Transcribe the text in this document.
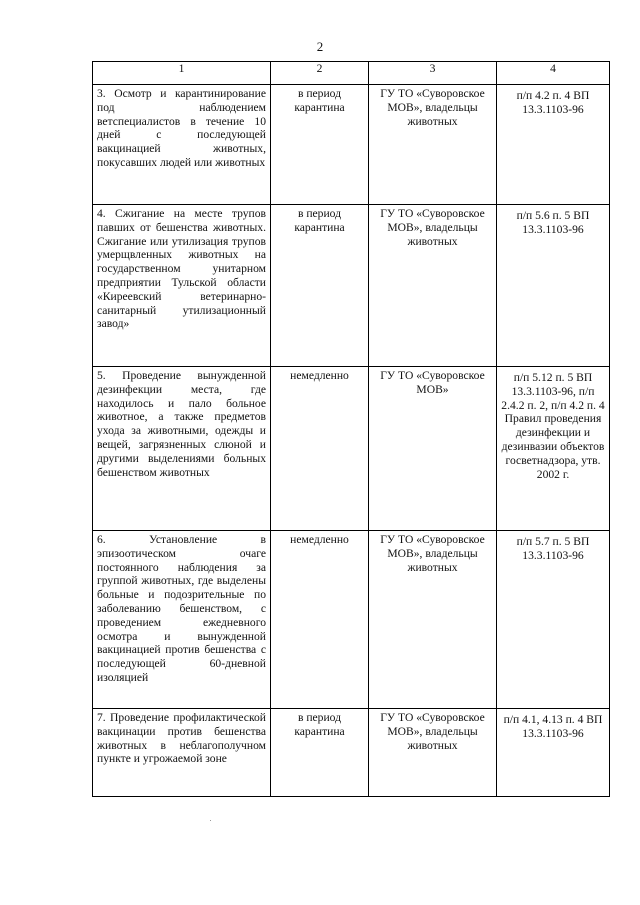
2
1	2	3	4
3. Осмотр и карантинирование под наблюдением ветспециалистов в течение 10 дней с последующей вакцинацией животных, покусавших людей или животных	в период карантина	ГУ ТО «Суворовское МОВ», владельцы животных	п/п 4.2 п. 4 ВП 13.3.1103-96
4. Сжигание на месте трупов павших от бешенства животных. Сжигание или утилизация трупов умерщвленных животных на государственном унитарном предприятии Тульской области «Киреевский ветеринарно-санитарный утилизационный завод»	в период карантина	ГУ ТО «Суворовское МОВ», владельцы животных	п/п 5.6 п. 5 ВП 13.3.1103-96
5. Проведение вынужденной дезинфекции места, где находилось и пало больное животное, а также предметов ухода за животными, одежды и вещей, загрязненных слюной и другими выделениями больных бешенством животных	немедленно	ГУ ТО «Суворовское МОВ»	п/п 5.12 п. 5 ВП 13.3.1103-96, п/п 2.4.2 п. 2, п/п 4.2 п. 4 Правил проведения дезинфекции и дезинвазии объектов госветнадзора, утв. 2002 г.
6. Установление в эпизоотическом очаге постоянного наблюдения за группой животных, где выделены больные и подозрительные по заболеванию бешенством, с проведением ежедневного осмотра и вынужденной вакцинацией против бешенства с последующей 60-дневной изоляцией	немедленно	ГУ ТО «Суворовское МОВ», владельцы животных	п/п 5.7 п. 5 ВП 13.3.1103-96
7. Проведение профилактической вакцинации против бешенства животных в неблагополучном пункте и угрожаемой зоне	в период карантина	ГУ ТО «Суворовское МОВ», владельцы животных	п/п 4.1, 4.13 п. 4 ВП 13.3.1103-96
